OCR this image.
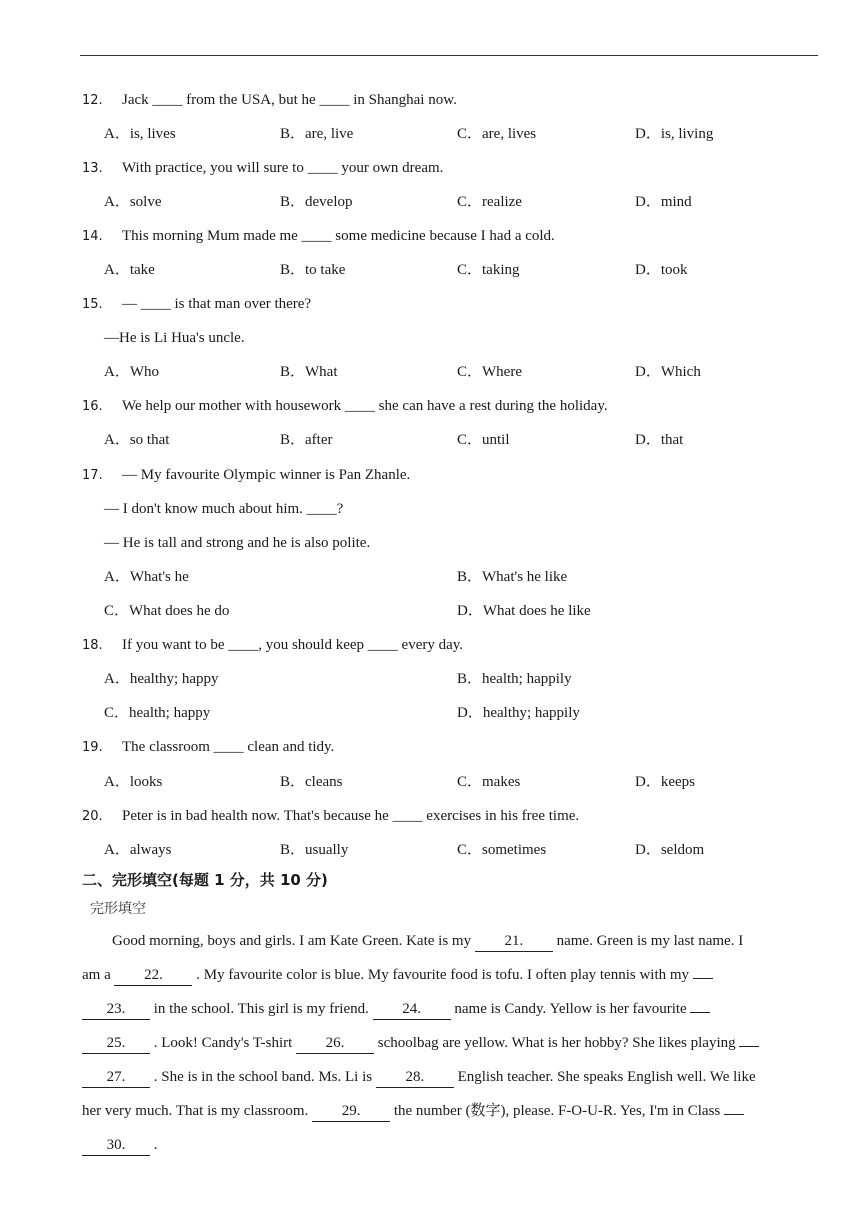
12. Jack ____ from the USA, but he ____ in Shanghai now.
A．is, lives	B．are, live	C．are, lives	D．is, living
13. With practice, you will sure to ____ your own dream.
A．solve	B．develop	C．realize	D．mind
14. This morning Mum made me ____ some medicine because I had a cold.
A．take	B．to take	C．taking	D．took
15. — ____ is that man over there?
—He is Li Hua's uncle.
A．Who	B．What	C．Where	D．Which
16. We help our mother with housework ____ she can have a rest during the holiday.
A．so that	B．after	C．until	D．that
17. — My favourite Olympic winner is Pan Zhanle.
— I don't know much about him. ____?
— He is tall and strong and he is also polite.
A．What's he	B．What's he like
C．What does he do	D．What does he like
18. If you want to be ____, you should keep ____ every day.
A．healthy; happy	B．health; happily
C．health; happy	D．healthy; happily
19. The classroom ____ clean and tidy.
A．looks	B．cleans	C．makes	D．keeps
20. Peter is in bad health now. That's because he ____ exercises in his free time.
A．always	B．usually	C．sometimes	D．seldom
二、完形填空(每题 1 分，共 10 分)
完形填空
Good morning, boys and girls. I am Kate Green. Kate is my 21. name. Green is my last name. I
am a 22. . My favourite color is blue. My favourite food is tofu. I often play tennis with my
23. in the school. This girl is my friend. 24. name is Candy. Yellow is her favourite
25. . Look! Candy's T-shirt 26. schoolbag are yellow. What is her hobby? She likes playing
27. . She is in the school band. Ms. Li is 28. English teacher. She speaks English well. We like
her very much. That is my classroom. 29. the number (数字), please. F-O-U-R. Yes, I'm in Class
30. .
